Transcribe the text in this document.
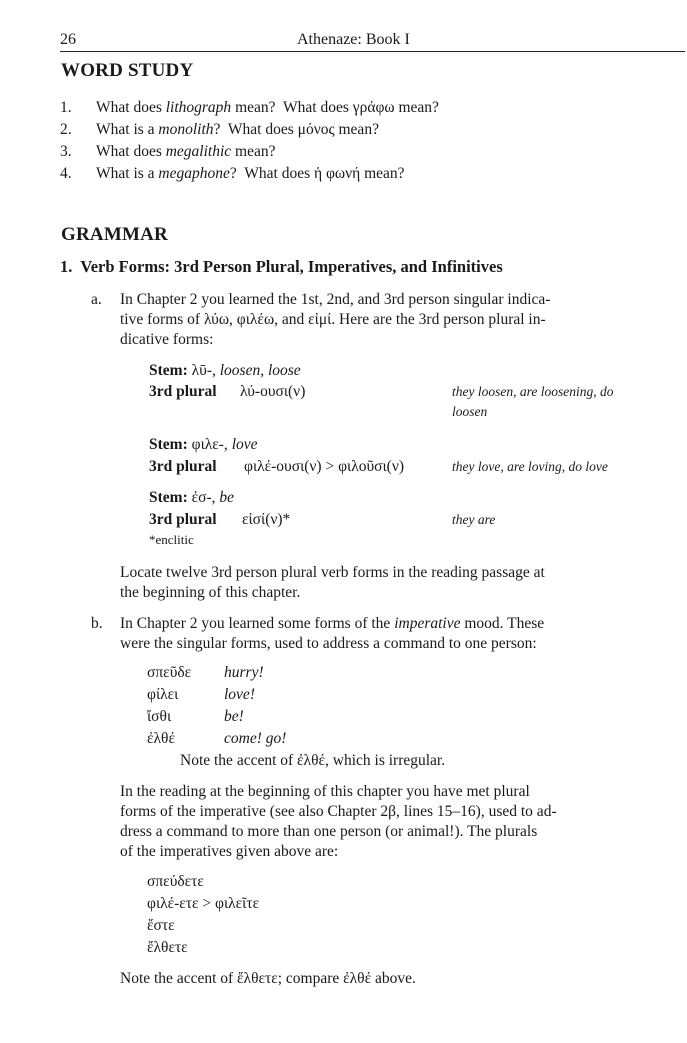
26	Athenaze: Book I
WORD STUDY
1.	What does lithograph mean? What does γράφω mean?
2.	What is a monolith? What does μόνος mean?
3.	What does megalithic mean?
4.	What is a megaphone? What does ἡ φωνή mean?
GRAMMAR
1. Verb Forms: 3rd Person Plural, Imperatives, and Infinitives
a. In Chapter 2 you learned the 1st, 2nd, and 3rd person singular indica-
tive forms of λύω, φιλέω, and εἰμί. Here are the 3rd person plural in-
dicative forms:
Stem: λῡ-, loosen, loose
3rd plural λύ-ουσι(ν)	they loosen, are loosening, do
loosen
Stem: φιλε-, love
3rd plural φιλέ-ουσι(ν) > φιλοῦσι(ν)	they love, are loving, do love
Stem: ἐσ-, be
3rd plural εἰσί(ν)*	they are
*enclitic
Locate twelve 3rd person plural verb forms in the reading passage at
the beginning of this chapter.
b. In Chapter 2 you learned some forms of the imperative mood. These
were the singular forms, used to address a command to one person:
σπεῦδε hurry!
φίλει	love!
ἴσθι	be!
ἐλθέ	come! go!
Note the accent of ἐλθέ, which is irregular.
In the reading at the beginning of this chapter you have met plural
forms of the imperative (see also Chapter 2β, lines 15–16), used to ad-
dress a command to more than one person (or animal!). The plurals
of the imperatives given above are:
σπεύδετε
φιλέ-ετε > φιλεῖτε
ἔστε
ἔλθετε
Note the accent of ἔλθετε; compare ἐλθέ above.
